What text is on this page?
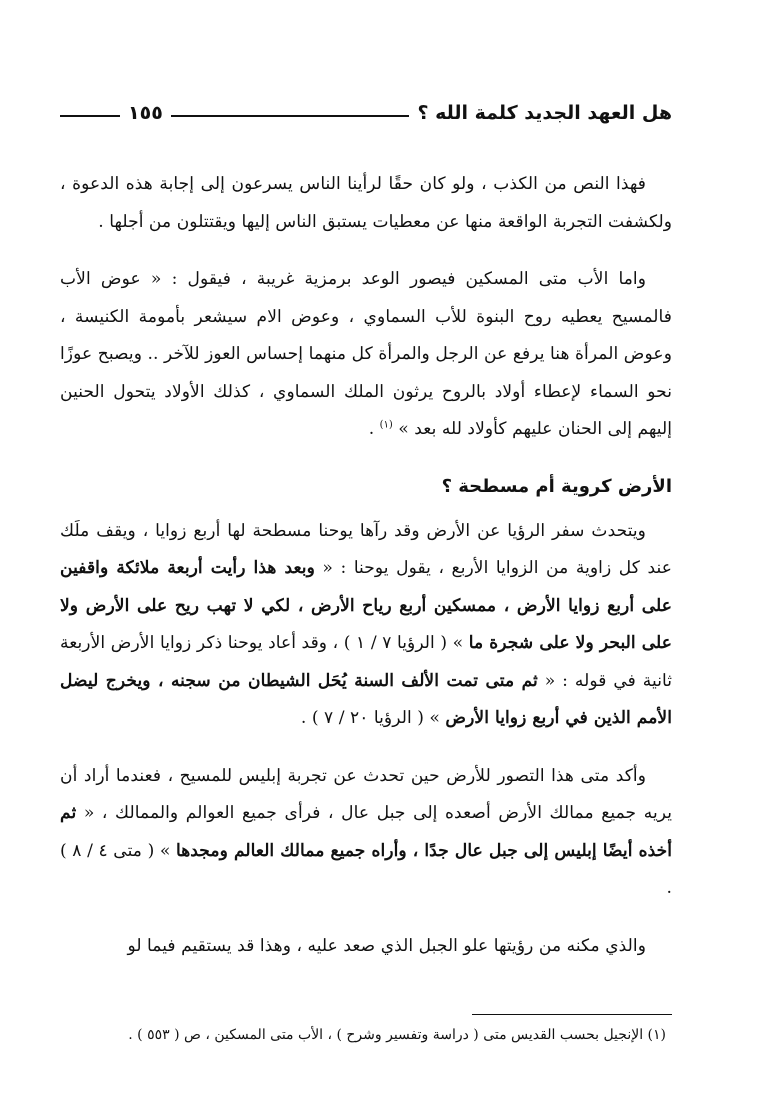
هل العهد الجديد كلمة الله ؟
١٥٥

فهذا النص من الكذب ، ولو كان حقًا لرأينا الناس يسرعون إلى إجابة هذه الدعوة ، ولكشفت التجربة الواقعة منها عن معطيات يستبق الناس إليها ويقتتلون من أجلها .

واما الأب متى المسكين فيصور الوعد برمزية غريبة ، فيقول : « عوض الأب فالمسيح يعطيه روح البنوة للأب السماوي ، وعوض الام سيشعر بأمومة الكنيسة ، وعوض المرأة هنا يرفع عن الرجل والمرأة كل منهما إحساس العوز للآخر .. ويصبح عوزًا نحو السماء لإعطاء أولاد بالروح يرثون الملك السماوي ، كذلك الأولاد يتحول الحنين إليهم إلى الحنان عليهم كأولاد لله بعد » $^{(١)}$ .

الأرض كروية أم مسطحة ؟

ويتحدث سفر الرؤيا عن الأرض وقد رآها يوحنا مسطحة لها أربع زوايا ، ويقف ملَك عند كل زاوية من الزوايا الأربع ، يقول يوحنا : « وبعد هذا رأيت أربعة ملائكة واقفين على أربع زوايا الأرض ، ممسكين أربع رياح الأرض ، لكي لا تهب ريح على الأرض ولا على البحر ولا على شجرة ما » ( الرؤيا ٧ / ١ ) ، وقد أعاد يوحنا ذكر زوايا الأرض الأربعة ثانية في قوله : « ثم متى تمت الألف السنة يُحَل الشيطان من سجنه ، ويخرج ليضل الأمم الذين في أربع زوايا الأرض » ( الرؤيا ٢٠ / ٧ ) .

وأكد متى هذا التصور للأرض حين تحدث عن تجربة إبليس للمسيح ، فعندما أراد أن يريه جميع ممالك الأرض أصعده إلى جبل عال ، فرأى جميع العوالم والممالك ، « ثم أخذه أيضًا إبليس إلى جبل عال جدًا ، وأراه جميع ممالك العالم ومجدها » ( متى ٤ / ٨ ) .

والذي مكنه من رؤيتها علو الجبل الذي صعد عليه ، وهذا قد يستقيم فيما لو

(١) الإنجيل بحسب القديس متى ( دراسة وتفسير وشرح ) ، الأب متى المسكين ، ص ( ٥٥٣ ) .
